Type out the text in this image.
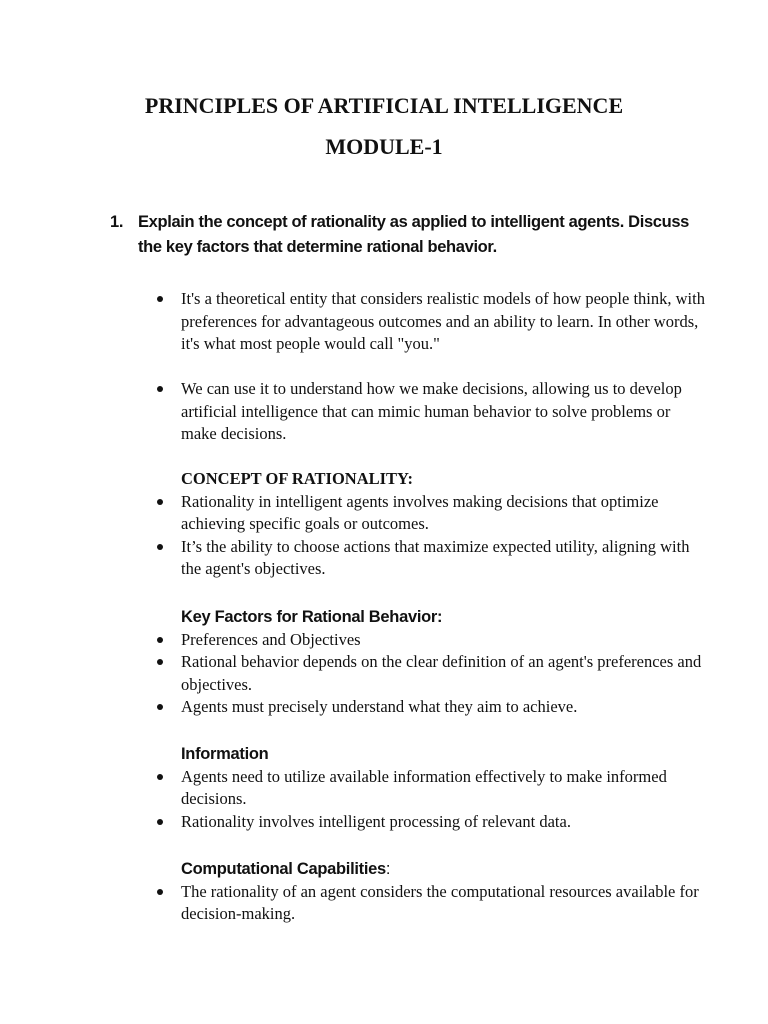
PRINCIPLES OF ARTIFICIAL INTELLIGENCE
MODULE-1
1. Explain the concept of rationality as applied to intelligent agents. Discuss the key factors that determine rational behavior.
It's a theoretical entity that considers realistic models of how people think, with preferences for advantageous outcomes and an ability to learn. In other words, it's what most people would call "you."
We can use it to understand how we make decisions, allowing us to develop artificial intelligence that can mimic human behavior to solve problems or make decisions.

CONCEPT OF RATIONALITY:

Rationality in intelligent agents involves making decisions that optimize achieving specific goals or outcomes.
It’s the ability to choose actions that maximize expected utility, aligning with the agent's objectives.

Key Factors for Rational Behavior:

Preferences and Objectives
Rational behavior depends on the clear definition of an agent's preferences and objectives.
Agents must precisely understand what they aim to achieve.

Information

Agents need to utilize available information effectively to make informed decisions.
Rationality involves intelligent processing of relevant data.

Computational Capabilities:

The rationality of an agent considers the computational resources available for decision-making.
